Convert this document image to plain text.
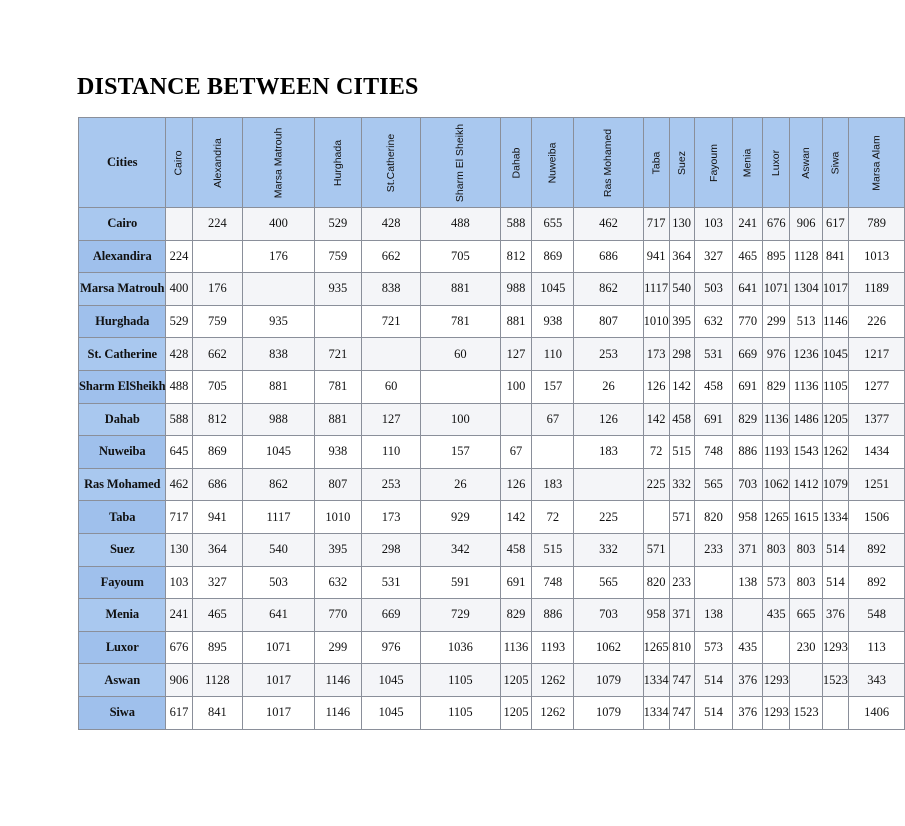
DISTANCE BETWEEN CITIES
Cities	Cairo	Alexandria	Marsa Matrouh	Hurghada	St.Catherine	Sharm El Sheikh	Dahab	Nuweiba	Ras Mohamed	Taba	Suez	Fayoum	Menia	Luxor	Aswan	Siwa	Marsa Alam
Cairo		224	400	529	428	488	588	655	462	717	130	103	241	676	906	617	789
Alexandira	224		176	759	662	705	812	869	686	941	364	327	465	895	1128	841	1013
Marsa Matrouh	400	176		935	838	881	988	1045	862	1117	540	503	641	1071	1304	1017	1189
Hurghada	529	759	935		721	781	881	938	807	1010	395	632	770	299	513	1146	226
St. Catherine	428	662	838	721		60	127	110	253	173	298	531	669	976	1236	1045	1217
Sharm ElSheikh	488	705	881	781	60		100	157	26	126	142	458	691	829	1136	1105	1277
Dahab	588	812	988	881	127	100		67	126	142	458	691	829	1136	1486	1205	1377
Nuweiba	645	869	1045	938	110	157	67		183	72	515	748	886	1193	1543	1262	1434
Ras Mohamed	462	686	862	807	253	26	126	183		225	332	565	703	1062	1412	1079	1251
Taba	717	941	1117	1010	173	929	142	72	225		571	820	958	1265	1615	1334	1506
Suez	130	364	540	395	298	342	458	515	332	571		233	371	803	803	514	892
Fayoum	103	327	503	632	531	591	691	748	565	820	233		138	573	803	514	892
Menia	241	465	641	770	669	729	829	886	703	958	371	138		435	665	376	548
Luxor	676	895	1071	299	976	1036	1136	1193	1062	1265	810	573	435		230	1293	113
Aswan	906	1128	1017	1146	1045	1105	1205	1262	1079	1334	747	514	376	1293		1523	343
Siwa	617	841	1017	1146	1045	1105	1205	1262	1079	1334	747	514	376	1293	1523		1406
